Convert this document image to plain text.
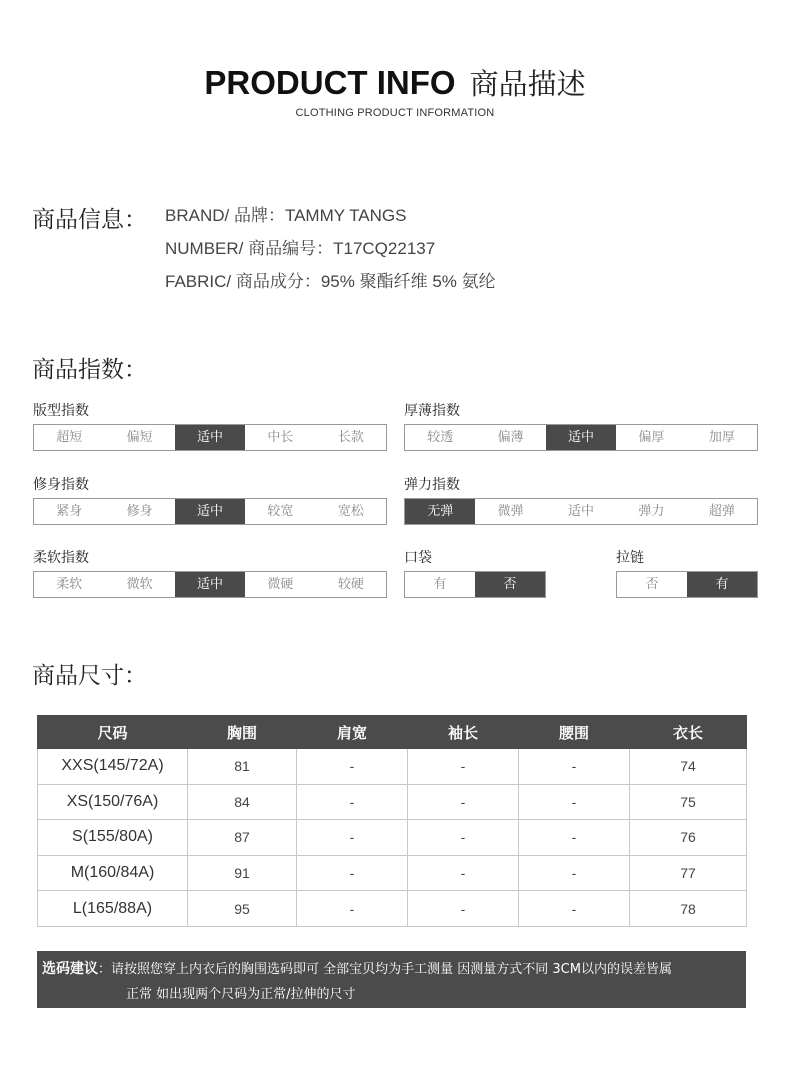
PRODUCT INFO 商品描述
CLOTHING PRODUCT INFORMATION
商品信息： BRAND/ 品牌：TAMMY TANGS
NUMBER/ 商品编号：T17CQ22137
FABRIC/ 商品成分：95% 聚酯纤维 5% 氨纶
商品指数：
版型指数
超短	偏短	适中	中长	长款
厚薄指数
较透	偏薄	适中	偏厚	加厚
修身指数
紧身	修身	适中	较宽	宽松
弹力指数
无弹	微弹	适中	弹力	超弹
柔软指数
柔软	微软	适中	微硬	较硬
口袋
有	否
拉链
否	有
商品尺寸：
尺码	胸围	肩宽	袖长	腰围	衣长
XXS(145/72A)	81	-	-	-	74
XS(150/76A)	84	-	-	-	75
S(155/80A)	87	-	-	-	76
M(160/84A)	91	-	-	-	77
L(165/88A)	95	-	-	-	78
选码建议：请按照您穿上内衣后的胸围选码即可 全部宝贝均为手工测量 因测量方式不同 3CM以内的误差皆属
正常 如出现两个尺码为正常/拉伸的尺寸
